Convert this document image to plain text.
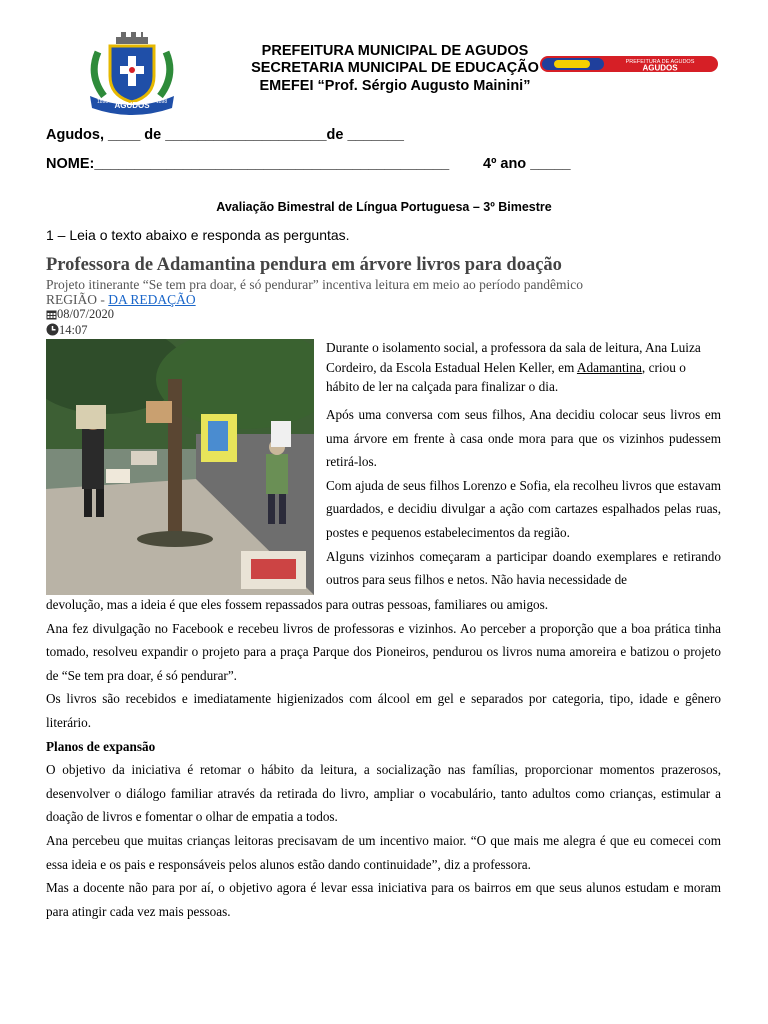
AGUDOS
1898	1898
PREFEITURA MUNICIPAL DE AGUDOS
SECRETARIA MUNICIPAL DE EDUCAÇÃO
EMEFEI “Prof. Sérgio Augusto Mainini”
PREFEITURA DE AGUDOS
AGUDOS
Agudos, ____ de ____________________de _______
NOME:____________________________________________ 4º ano _____
Avaliação Bimestral de Língua Portuguesa – 3º Bimestre
1 – Leia o texto abaixo e responda as perguntas.
Professora de Adamantina pendura em árvore livros para doação
Projeto itinerante “Se tem pra doar, é só pendurar” incentiva leitura em meio ao período pandêmico
REGIÃO - DA REDAÇÃO
08/07/2020
14:07
Durante o isolamento social, a professora da sala de leitura, Ana Luiza Cordeiro, da Escola Estadual Helen Keller, em Adamantina, criou o hábito de ler na calçada para finalizar o dia.

Após uma conversa com seus filhos, Ana decidiu colocar seus livros em uma árvore em frente à casa onde mora para que os vizinhos pudessem retirá-los.

Com ajuda de seus filhos Lorenzo e Sofia, ela recolheu livros que estavam guardados, e decidiu divulgar a ação com cartazes espalhados pelas ruas, postes e pequenos estabelecimentos da região.

Alguns vizinhos começaram a participar doando exemplares e retirando outros para seus filhos e netos. Não havia necessidade de

devolução, mas a ideia é que eles fossem repassados para outras pessoas, familiares ou amigos.

Ana fez divulgação no Facebook e recebeu livros de professoras e vizinhos. Ao perceber a proporção que a boa prática tinha tomado, resolveu expandir o projeto para a praça Parque dos Pioneiros, pendurou os livros numa amoreira e batizou o projeto de “Se tem pra doar, é só pendurar”.

Os livros são recebidos e imediatamente higienizados com álcool em gel e separados por categoria, tipo, idade e gênero literário.

Planos de expansão

O objetivo da iniciativa é retomar o hábito da leitura, a socialização nas famílias, proporcionar momentos prazerosos, desenvolver o diálogo familiar através da retirada do livro, ampliar o vocabulário, tanto adultos como crianças, estimular a doação de livros e fomentar o olhar de empatia a todos.

Ana percebeu que muitas crianças leitoras precisavam de um incentivo maior. “O que mais me alegra é que eu comecei com essa ideia e os pais e responsáveis pelos alunos estão dando continuidade”, diz a professora.

Mas a docente não para por aí, o objetivo agora é levar essa iniciativa para os bairros em que seus alunos estudam e moram para atingir cada vez mais pessoas.
